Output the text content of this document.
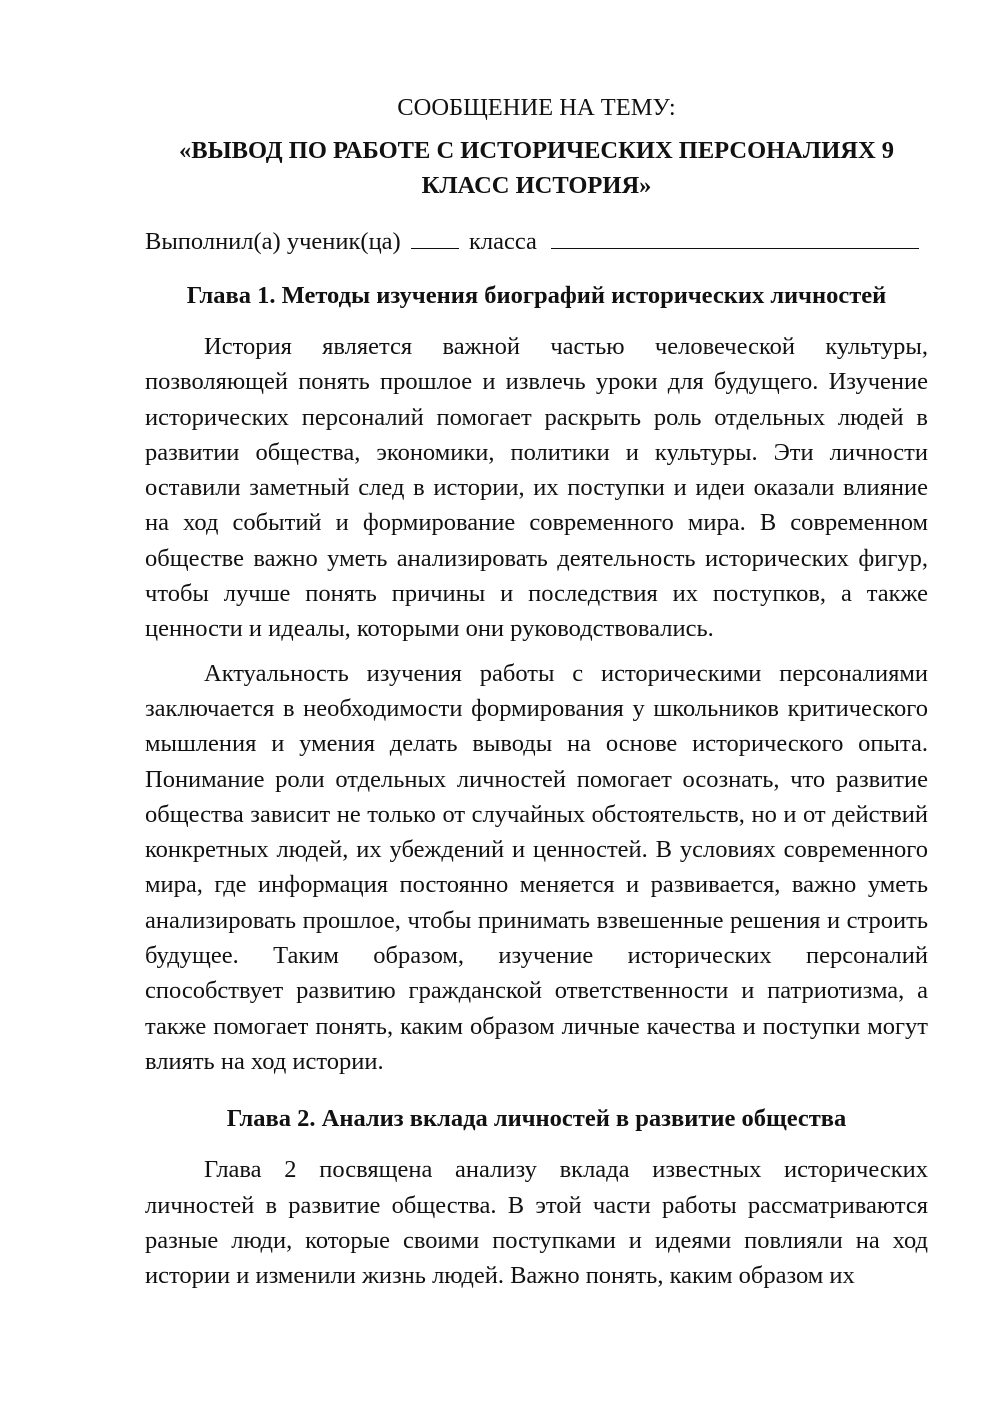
СООБЩЕНИЕ НА ТЕМУ:
«ВЫВОД ПО РАБОТЕ С ИСТОРИЧЕСКИХ ПЕРСОНАЛИЯХ 9 КЛАСС ИСТОРИЯ»
Выполнил(а) ученик(ца)	класса
Глава 1. Методы изучения биографий исторических личностей

История является важной частью человеческой культуры, позволяющей понять прошлое и извлечь уроки для будущего. Изучение исторических персоналий помогает раскрыть роль отдельных людей в развитии общества, экономики, политики и культуры. Эти личности оставили заметный след в истории, их поступки и идеи оказали влияние на ход событий и формирование современного мира. В современном обществе важно уметь анализировать деятельность исторических фигур, чтобы лучше понять причины и последствия их поступков, а также ценности и идеалы, которыми они руководствовались.

Актуальность изучения работы с историческими персоналиями заключается в необходимости формирования у школьников критического мышления и умения делать выводы на основе исторического опыта. Понимание роли отдельных личностей помогает осознать, что развитие общества зависит не только от случайных обстоятельств, но и от действий конкретных людей, их убеждений и ценностей. В условиях современного мира, где информация постоянно меняется и развивается, важно уметь анализировать прошлое, чтобы принимать взвешенные решения и строить будущее. Таким образом, изучение исторических персоналий способствует развитию гражданской ответственности и патриотизма, а также помогает понять, каким образом личные качества и поступки могут влиять на ход истории.

Глава 2. Анализ вклада личностей в развитие общества

Глава 2 посвящена анализу вклада известных исторических личностей в развитие общества. В этой части работы рассматриваются разные люди, которые своими поступками и идеями повлияли на ход истории и изменили жизнь людей. Важно понять, каким образом их
